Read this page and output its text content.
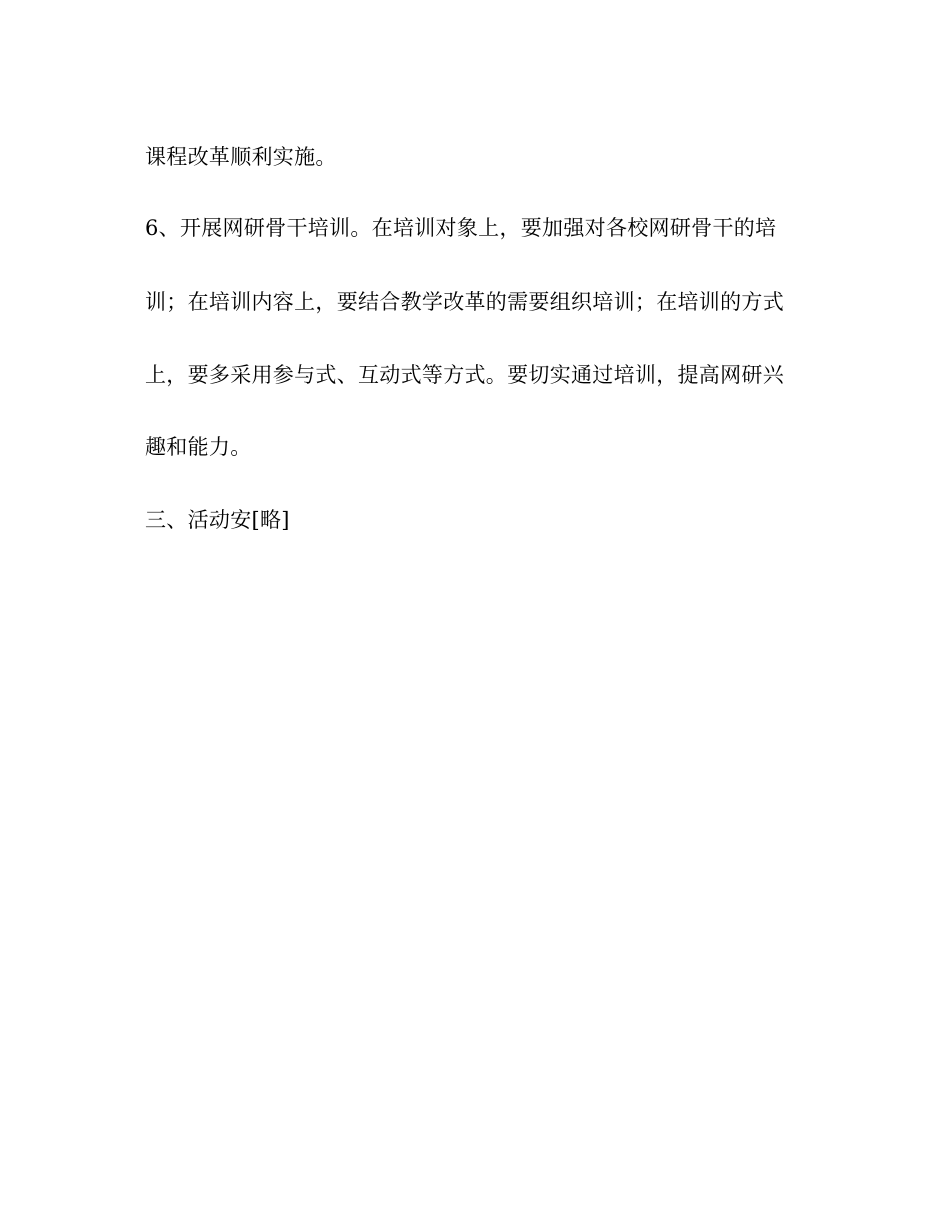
课程改革顺利实施。
6、开展网研骨干培训。在培训对象上，要加强对各校网研骨干的培
训；在培训内容上，要结合教学改革的需要组织培训；在培训的方式
上，要多采用参与式、互动式等方式。要切实通过培训，提高网研兴
趣和能力。
三、活动安[略]
